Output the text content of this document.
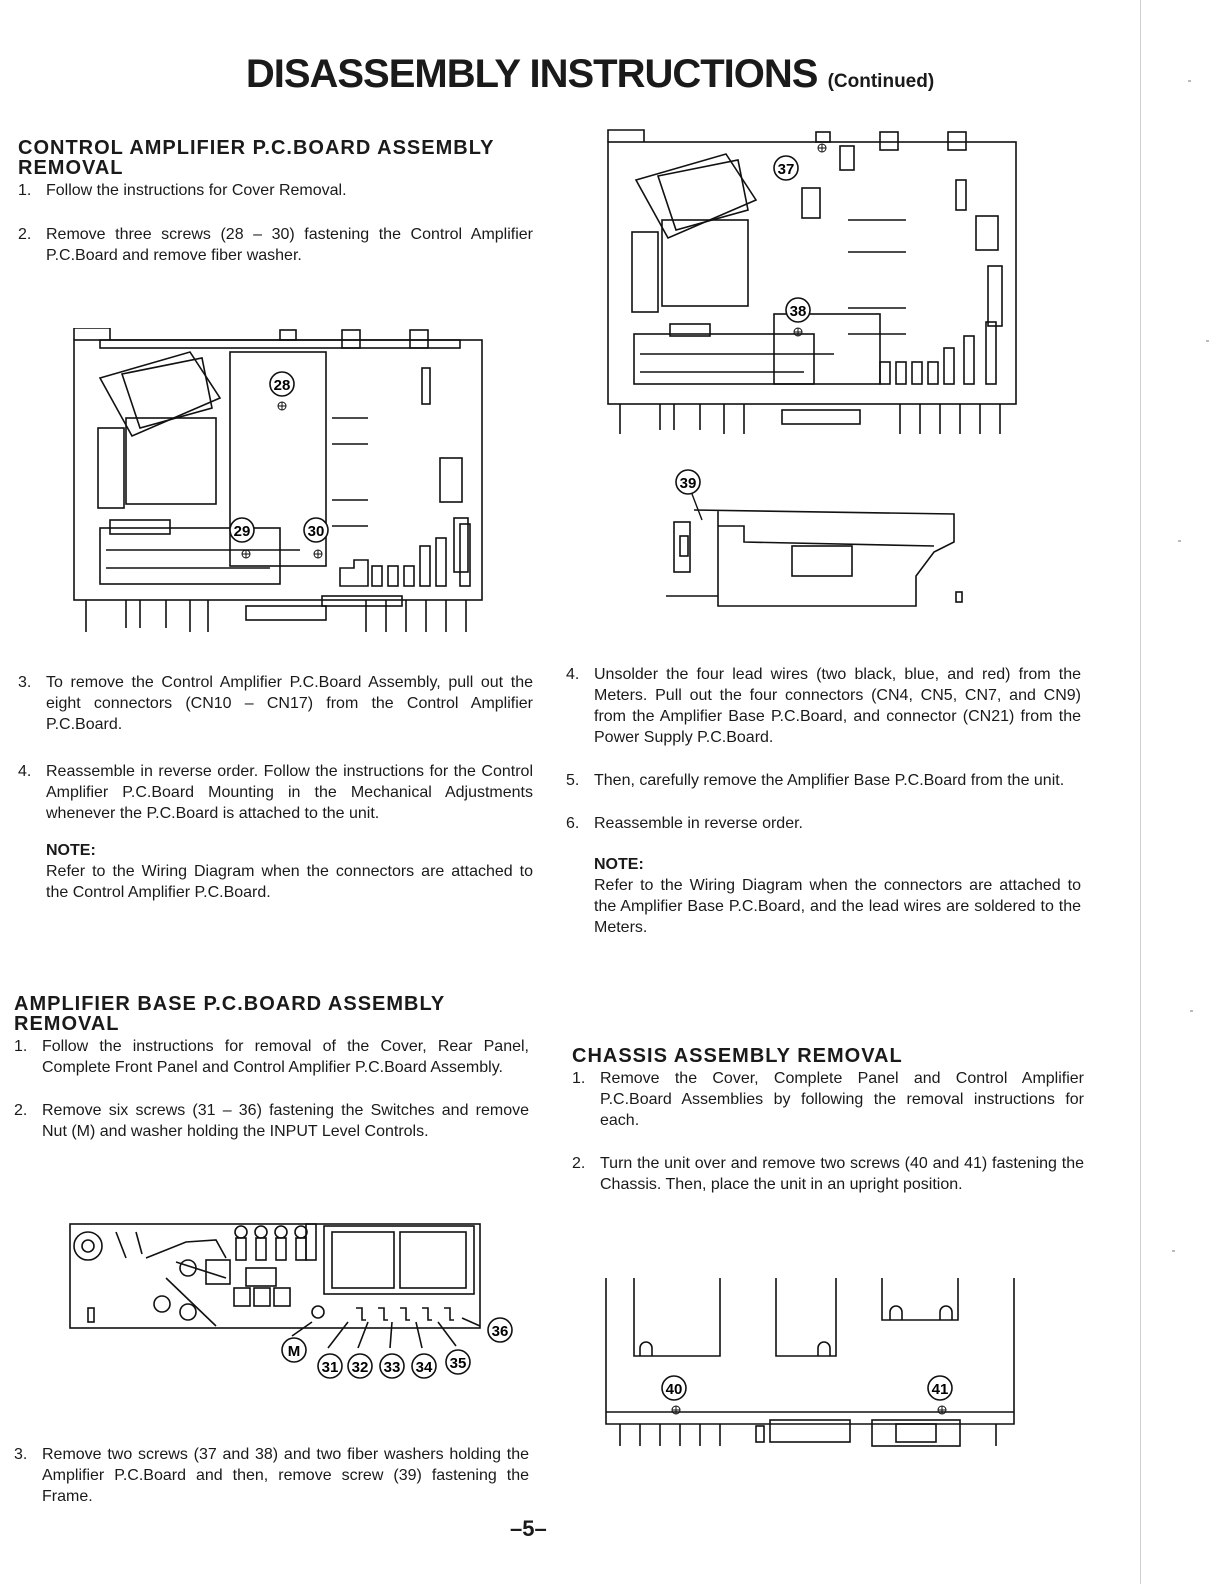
DISASSEMBLY INSTRUCTIONS (Continued)
CONTROL AMPLIFIER P.C.BOARD ASSEMBLY REMOVAL
1. Follow the instructions for Cover Removal.
2. Remove three screws (28 – 30) fastening the Control Amplifier P.C.Board and remove fiber washer.
28
29	30
3. To remove the Control Amplifier P.C.Board Assembly, pull out the eight connectors (CN10 – CN17) from the Control Amplifier P.C.Board.
4. Reassemble in reverse order. Follow the instructions for the Control Amplifier P.C.Board Mounting in the Mechanical Adjustments whenever the P.C.Board is attached to the unit.

NOTE:

Refer to the Wiring Diagram when the connectors are attached to the Control Amplifier P.C.Board.

AMPLIFIER BASE P.C.BOARD ASSEMBLY REMOVAL
1. Follow the instructions for removal of the Cover, Rear Panel, Complete Front Panel and Control Amplifier P.C.Board Assembly.
2. Remove six screws (31 – 36) fastening the Switches and remove Nut (M) and washer holding the INPUT Level Controls.
M
31 32 33 34 35
36
3. Remove two screws (37 and 38) and two fiber washers holding the Amplifier P.C.Board and then, remove screw (39) fastening the Frame.
37
38
39
4. Unsolder the four lead wires (two black, blue, and red) from the Meters. Pull out the four connectors (CN4, CN5, CN7, and CN9) from the Amplifier Base P.C.Board, and connector (CN21) from the Power Supply P.C.Board.
5. Then, carefully remove the Amplifier Base P.C.Board from the unit.
6. Reassemble in reverse order.

NOTE:

Refer to the Wiring Diagram when the connectors are attached to the Amplifier Base P.C.Board, and the lead wires are soldered to the Meters.

CHASSIS ASSEMBLY REMOVAL
1. Remove the Cover, Complete Panel and Control Amplifier P.C.Board Assemblies by following the removal instructions for each.
2. Turn the unit over and remove two screws (40 and 41) fastening the Chassis. Then, place the unit in an upright position.
40	41
–5–
